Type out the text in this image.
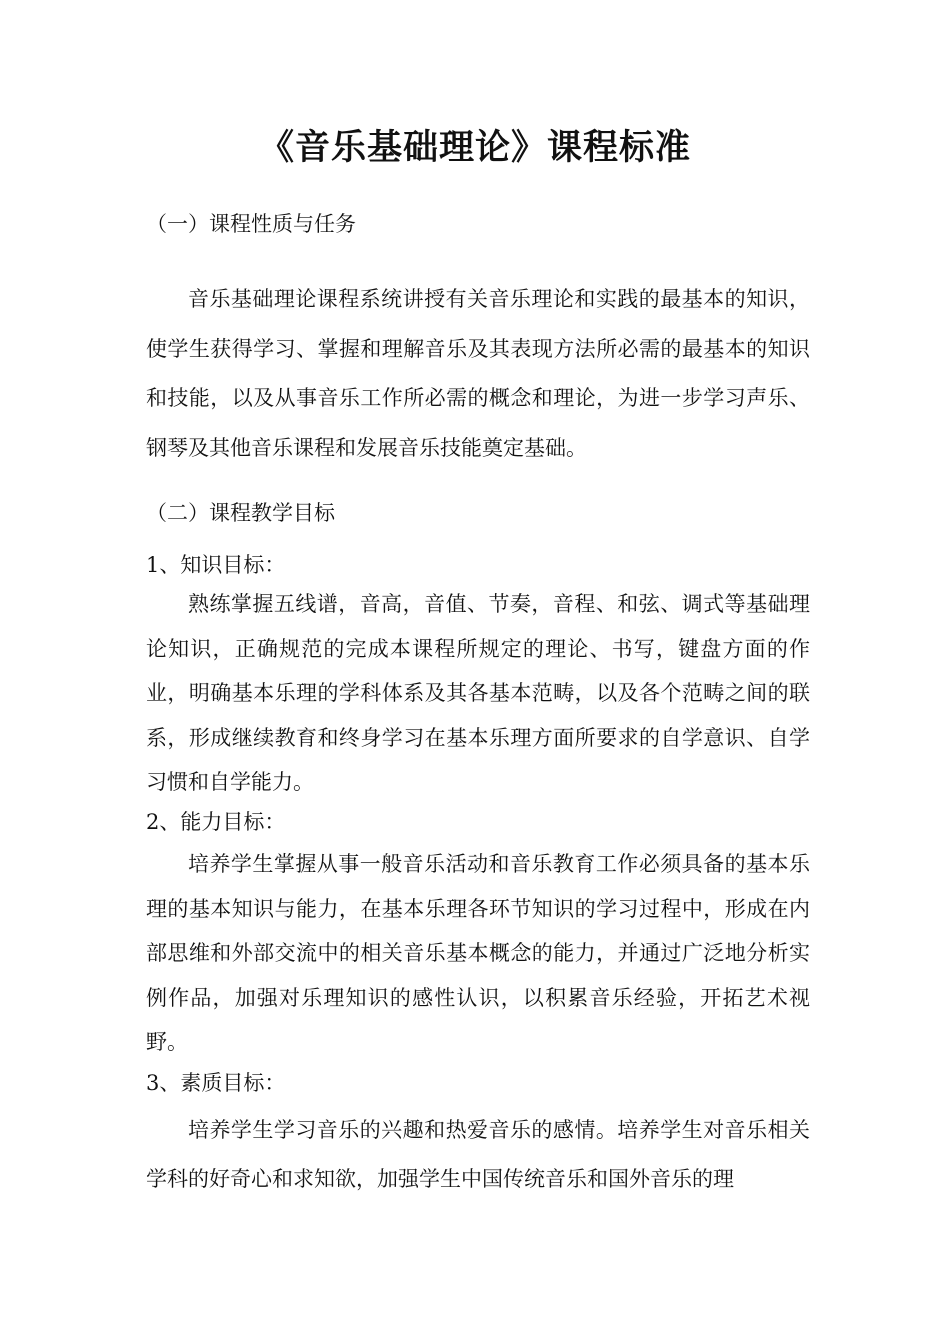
《音乐基础理论》课程标准
（一）课程性质与任务

音乐基础理论课程系统讲授有关音乐理论和实践的最基本的知识，使学生获得学习、掌握和理解音乐及其表现方法所必需的最基本的知识和技能，以及从事音乐工作所必需的概念和理论，为进一步学习声乐、钢琴及其他音乐课程和发展音乐技能奠定基础。

（二）课程教学目标
1、知识目标：

熟练掌握五线谱，音高，音值、节奏，音程、和弦、调式等基础理论知识，正确规范的完成本课程所规定的理论、书写，键盘方面的作业，明确基本乐理的学科体系及其各基本范畴，以及各个范畴之间的联系，形成继续教育和终身学习在基本乐理方面所要求的自学意识、自学习惯和自学能力。

2、能力目标：

培养学生掌握从事一般音乐活动和音乐教育工作必须具备的基本乐理的基本知识与能力，在基本乐理各环节知识的学习过程中，形成在内部思维和外部交流中的相关音乐基本概念的能力，并通过广泛地分析实例作品，加强对乐理知识的感性认识，以积累音乐经验，开拓艺术视野。

3、素质目标：

培养学生学习音乐的兴趣和热爱音乐的感情。培养学生对音乐相关学科的好奇心和求知欲，加强学生中国传统音乐和国外音乐的理
